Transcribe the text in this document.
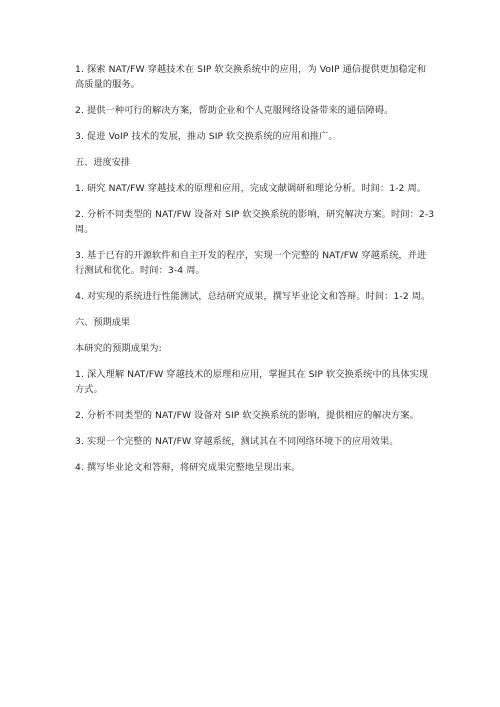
1. 探索 NAT/FW 穿越技术在 SIP 软交换系统中的应用，为 VoIP 通信提供更加稳定和高质量的服务。

2. 提供一种可行的解决方案，帮助企业和个人克服网络设备带来的通信障碍。

3. 促进 VoIP 技术的发展，推动 SIP 软交换系统的应用和推广。

五、进度安排

1. 研究 NAT/FW 穿越技术的原理和应用，完成文献调研和理论分析。时间：1-2 周。

2. 分析不同类型的 NAT/FW 设备对 SIP 软交换系统的影响，研究解决方案。时间：2-3 周。

3. 基于已有的开源软件和自主开发的程序，实现一个完整的 NAT/FW 穿越系统，并进行测试和优化。时间：3-4 周。

4. 对实现的系统进行性能测试，总结研究成果，撰写毕业论文和答辩。时间：1-2 周。

六、预期成果

本研究的预期成果为:

1. 深入理解 NAT/FW 穿越技术的原理和应用，掌握其在 SIP 软交换系统中的具体实现方式。

2. 分析不同类型的 NAT/FW 设备对 SIP 软交换系统的影响，提供相应的解决方案。

3. 实现一个完整的 NAT/FW 穿越系统，测试其在不同网络环境下的应用效果。

4. 撰写毕业论文和答辩，将研究成果完整地呈现出来。
